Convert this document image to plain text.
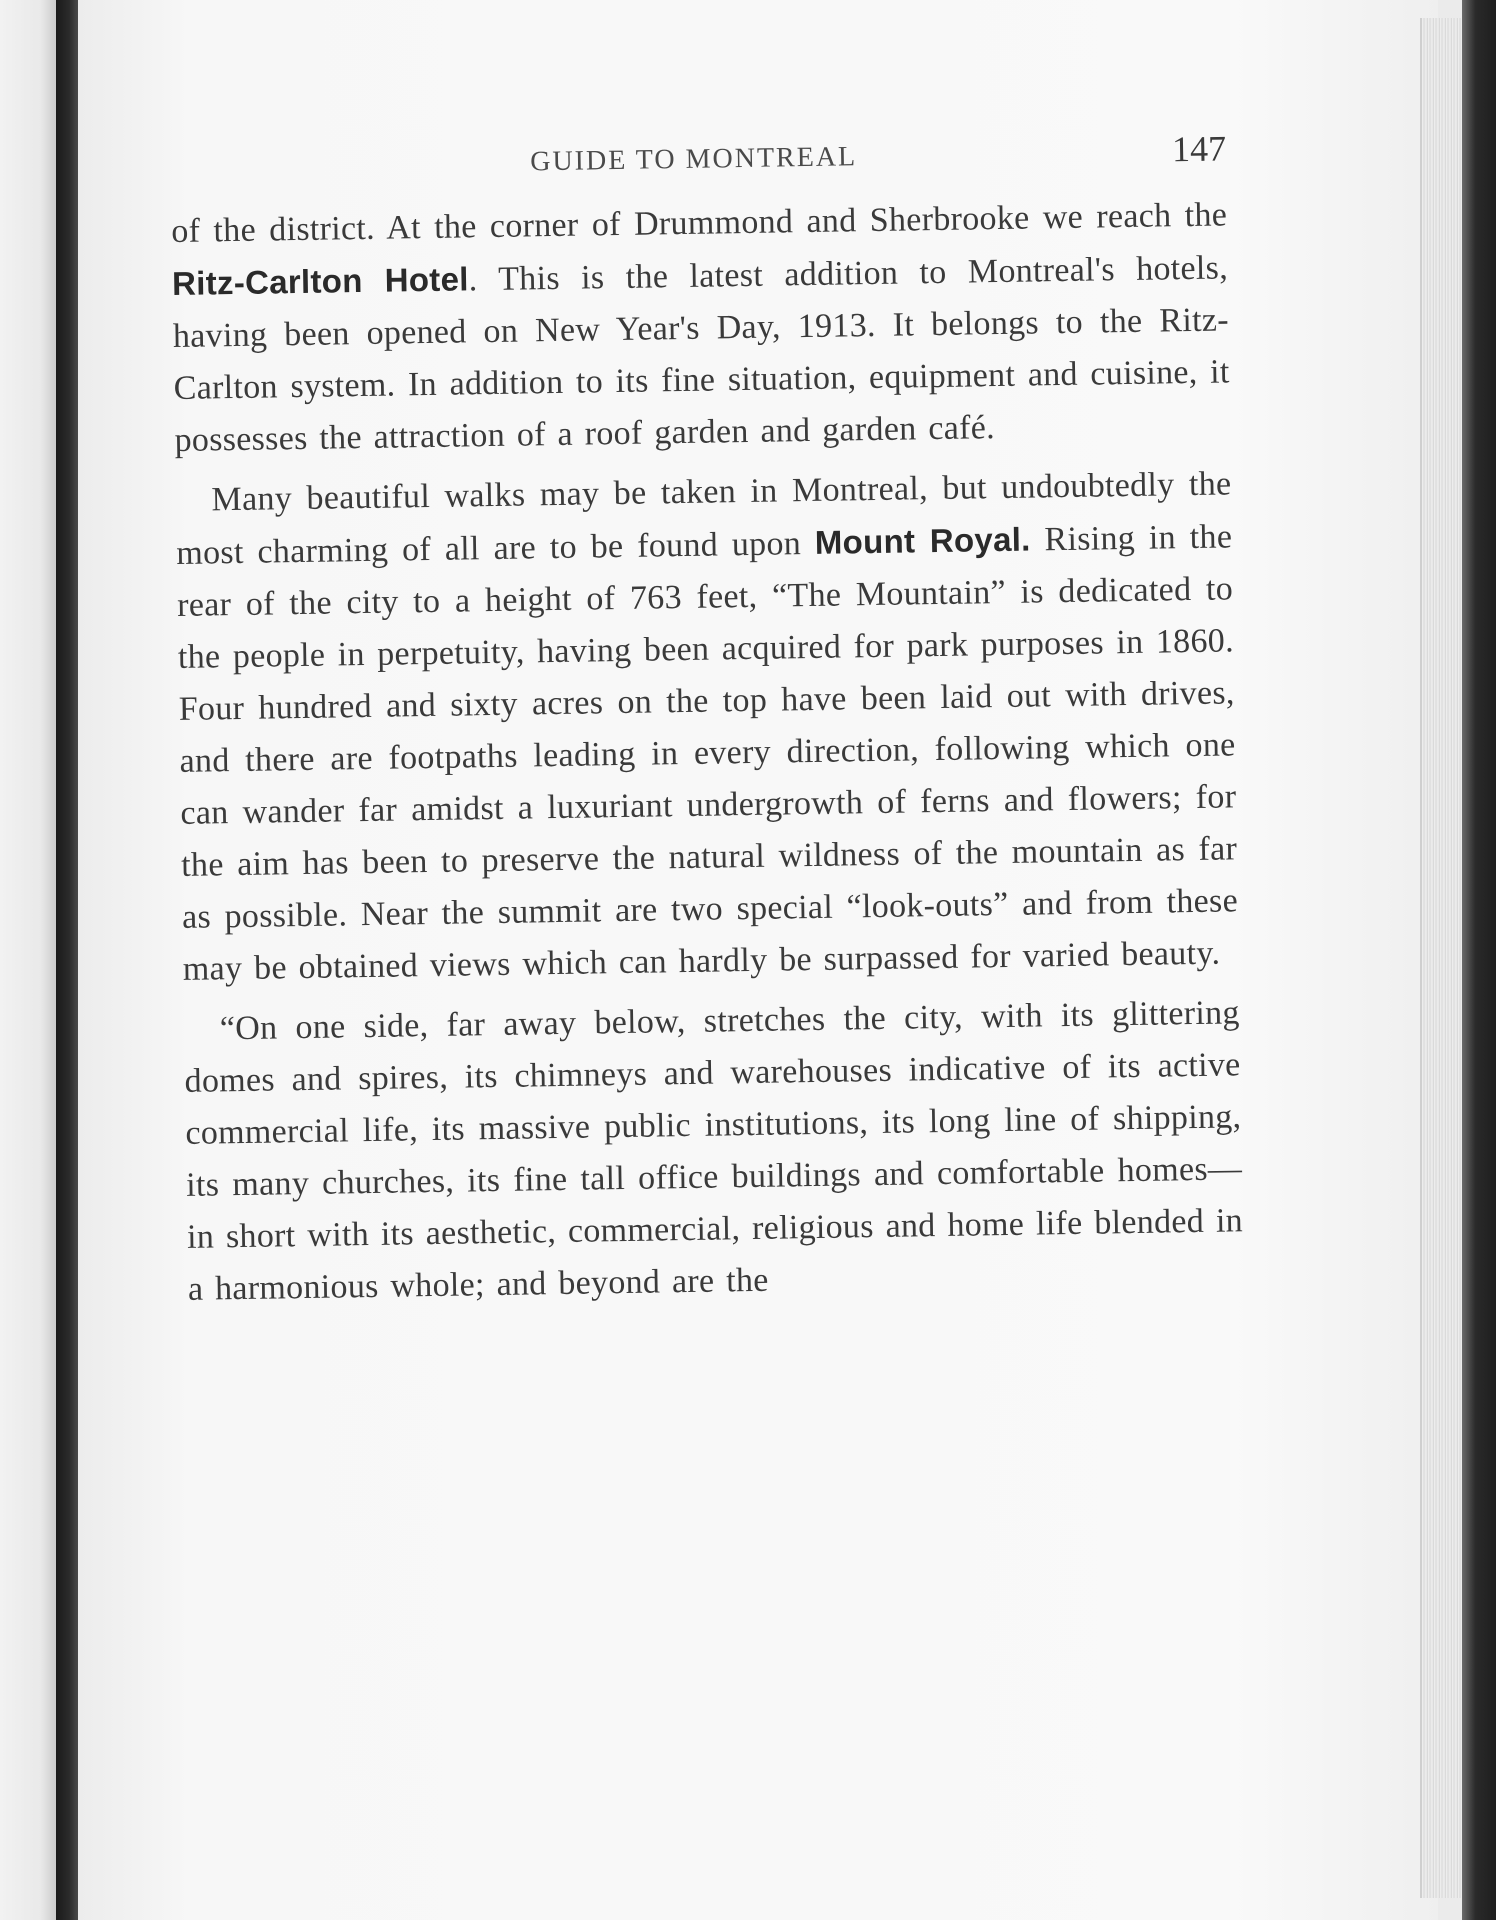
GUIDE TO MONTREAL	147

of the district. At the corner of Drummond and Sherbrooke we reach the Ritz-Carlton Hotel. This is the latest addition to Montreal's hotels, having been opened on New Year's Day, 1913. It belongs to the Ritz-Carlton system. In addition to its fine situation, equipment and cuisine, it possesses the attraction of a roof garden and garden café.

Many beautiful walks may be taken in Montreal, but undoubtedly the most charming of all are to be found upon Mount Royal. Rising in the rear of the city to a height of 763 feet, “The Mountain” is dedicated to the people in perpetuity, having been acquired for park purposes in 1860. Four hundred and sixty acres on the top have been laid out with drives, and there are footpaths leading in every direction, following which one can wander far amidst a luxuriant undergrowth of ferns and flowers; for the aim has been to preserve the natural wildness of the mountain as far as possible. Near the summit are two special “look-outs” and from these may be obtained views which can hardly be surpassed for varied beauty.

“On one side, far away below, stretches the city, with its glittering domes and spires, its chimneys and warehouses indicative of its active commercial life, its massive public institutions, its long line of shipping, its many churches, its fine tall office buildings and comfortable homes—in short with its aesthetic, commercial, religious and home life blended in a harmonious whole; and beyond are the
